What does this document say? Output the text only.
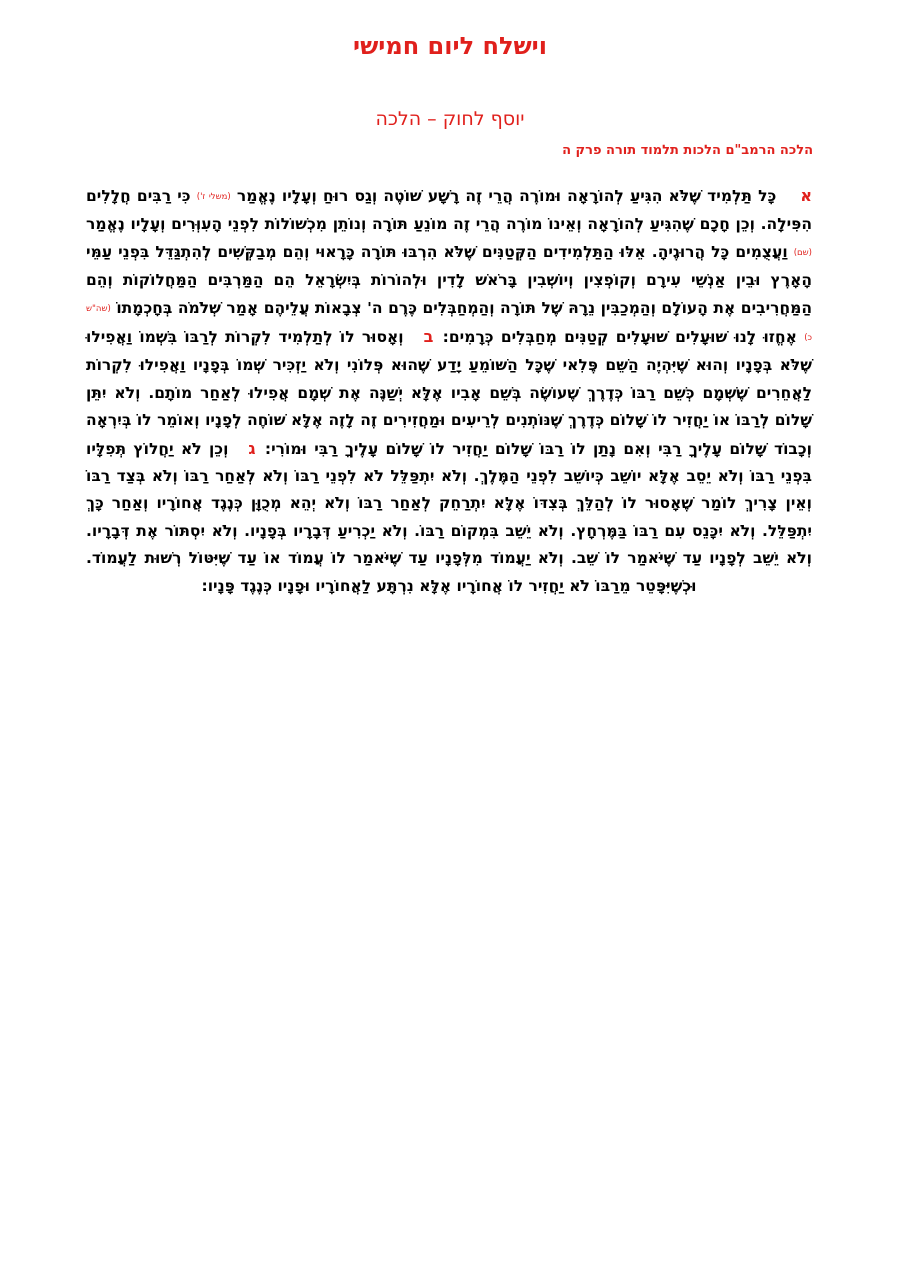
וישלח ליום חמישי
יוסף לחוק – הלכה
הלכה הרמב"ם הלכות תלמוד תורה פרק ה

אכָּל תַּלְמִיד שֶׁלֹּא הִגִּיעַ לְהוֹרָאָה וּמוֹרֶה הֲרֵי זֶה רָשָׁע שׁוֹטֶה וְגַס רוּחַ וְעָלָיו נֶאֱמַר (משלי ז') כִּי רַבִּים חֲלָלִים הִפִּילָה. וְכֵן חָכָם שֶׁהִגִּיעַ לְהוֹרָאָה וְאֵינוֹ מוֹרֶה הֲרֵי זֶה מוֹנֵעַ תּוֹרָה וְנוֹתֵן מִכְשׁוֹלוֹת לִפְנֵי הָעִוְּרִים וְעָלָיו נֶאֱמַר (שם) וַעֲצֻמִים כָּל הֲרוּגֶיהָ. אֵלּוּ הַתַּלְמִידִים הַקְּטַנִּים שֶׁלֹּא הִרְבּוּ תּוֹרָה כָּרָאוּי וְהֵם מְבַקְּשִׁים לְהִתְגַּדֵּל בִּפְנֵי עַמֵּי הָאָרֶץ וּבֵין אַנְשֵׁי עִירָם וְקוֹפְצִין וְיוֹשְׁבִין בָּרֹאשׁ לָדִין וּלְהוֹרוֹת בְּיִשְׂרָאֵל הֵם הַמַּרְבִּים הַמַּחֲלוֹקוֹת וְהֵם הַמַּחֲרִיבִים אֶת הָעוֹלָם וְהַמְכַבִּין נֵרָהּ שֶׁל תּוֹרָה וְהַמְחַבְּלִים כֶּרֶם ה' צְבָאוֹת עֲלֵיהֶם אָמַר שְׁלֹמֹה בְּחָכְמָתוֹ (שה"ש כ) אֶחֱזוּ לָנוּ שׁוּעָלִים שׁוּעָלִים קְטַנִּים מְחַבְּלִים כְּרָמִים: בוְאָסוּר לוֹ לְתַלְמִיד לִקְרוֹת לְרַבּוֹ בִּשְׁמוֹ וַאֲפִילוּ שֶׁלֹּא בְּפָנָיו וְהוּא שֶׁיִּהְיֶה הַשֵּׁם פֶּלִאי שֶׁכָּל הַשּׁוֹמֵעַ יָדַע שֶׁהוּא פְּלוֹנִי וְלֹא יַזְכִּיר שְׁמוֹ בְּפָנָיו וַאֲפִילוּ לִקְרוֹת לַאֲחֵרִים שֶׁשְּׁמָם כְּשֵׁם רַבּוֹ כְּדֶרֶךְ שֶׁעוֹשֶׂה בְּשֵׁם אָבִיו אֶלָּא יְשַׁנֶּה אֶת שְׁמָם אֲפִילוּ לְאַחַר מוֹתָם. וְלֹא יִתֵּן שָׁלוֹם לְרַבּוֹ אוֹ יַחֲזִיר לוֹ שָׁלוֹם כְּדֶרֶךְ שֶׁנּוֹתְנִים לְרֵיעִים וּמַחֲזִירִים זֶה לָזֶה אֶלָּא שׁוֹחֶה לְפָנָיו וְאוֹמֵר לוֹ בְּיִרְאָה וְכָבוֹד שָׁלוֹם עָלֶיךָ רַבִּי וְאִם נָתַן לוֹ רַבּוֹ שָׁלוֹם יַחֲזִיר לוֹ שָׁלוֹם עָלֶיךָ רַבִּי וּמוֹרִי: גוְכֵן לֹא יַחֲלוֹץ תְּפִלָּיו בִּפְנֵי רַבּוֹ וְלֹא יֵסֵב אֶלָּא יוֹשֵׁב כְּיוֹשֵׁב לִפְנֵי הַמֶּלֶךְ. וְלֹא יִתְפַּלֵּל לֹא לִפְנֵי רַבּוֹ וְלֹא לְאַחַר רַבּוֹ וְלֹא בְּצַד רַבּוֹ וְאֵין צָרִיךְ לוֹמַר שֶׁאָסוּר לוֹ לְהַלֵּךְ בְּצִדּוֹ אֶלָּא יִתְרַחֵק לְאַחַר רַבּוֹ וְלֹא יְהֵא מְכֻוָּן כְּנֶגֶד אֲחוֹרָיו וְאַחַר כָּךְ יִתְפַּלֵּל. וְלֹא יִכָּנֵס עִם רַבּוֹ בַּמֶּרְחָץ. וְלֹא יֵשֵׁב בִּמְקוֹם רַבּוֹ. וְלֹא יַכְרִיעַ דְּבָרָיו בְּפָנָיו. וְלֹא יִסְתּוֹר אֶת דְּבָרָיו. וְלֹא יֵשֵׁב לְפָנָיו עַד שֶׁיֹּאמַר לוֹ שֵׁב. וְלֹא יַעֲמוֹד מִלְּפָנָיו עַד שֶׁיֹּאמַר לוֹ עֲמוֹד אוֹ עַד שֶׁיִּטּוֹל רְשׁוּת לַעֲמוֹד. וּכְשֶׁיִּפָּטֵר מֵרַבּוֹ לֹא יַחֲזִיר לוֹ אֲחוֹרָיו אֶלָּא נִרְתָּע לַאֲחוֹרָיו וּפָנָיו כְּנֶגֶד פָּנָיו:
